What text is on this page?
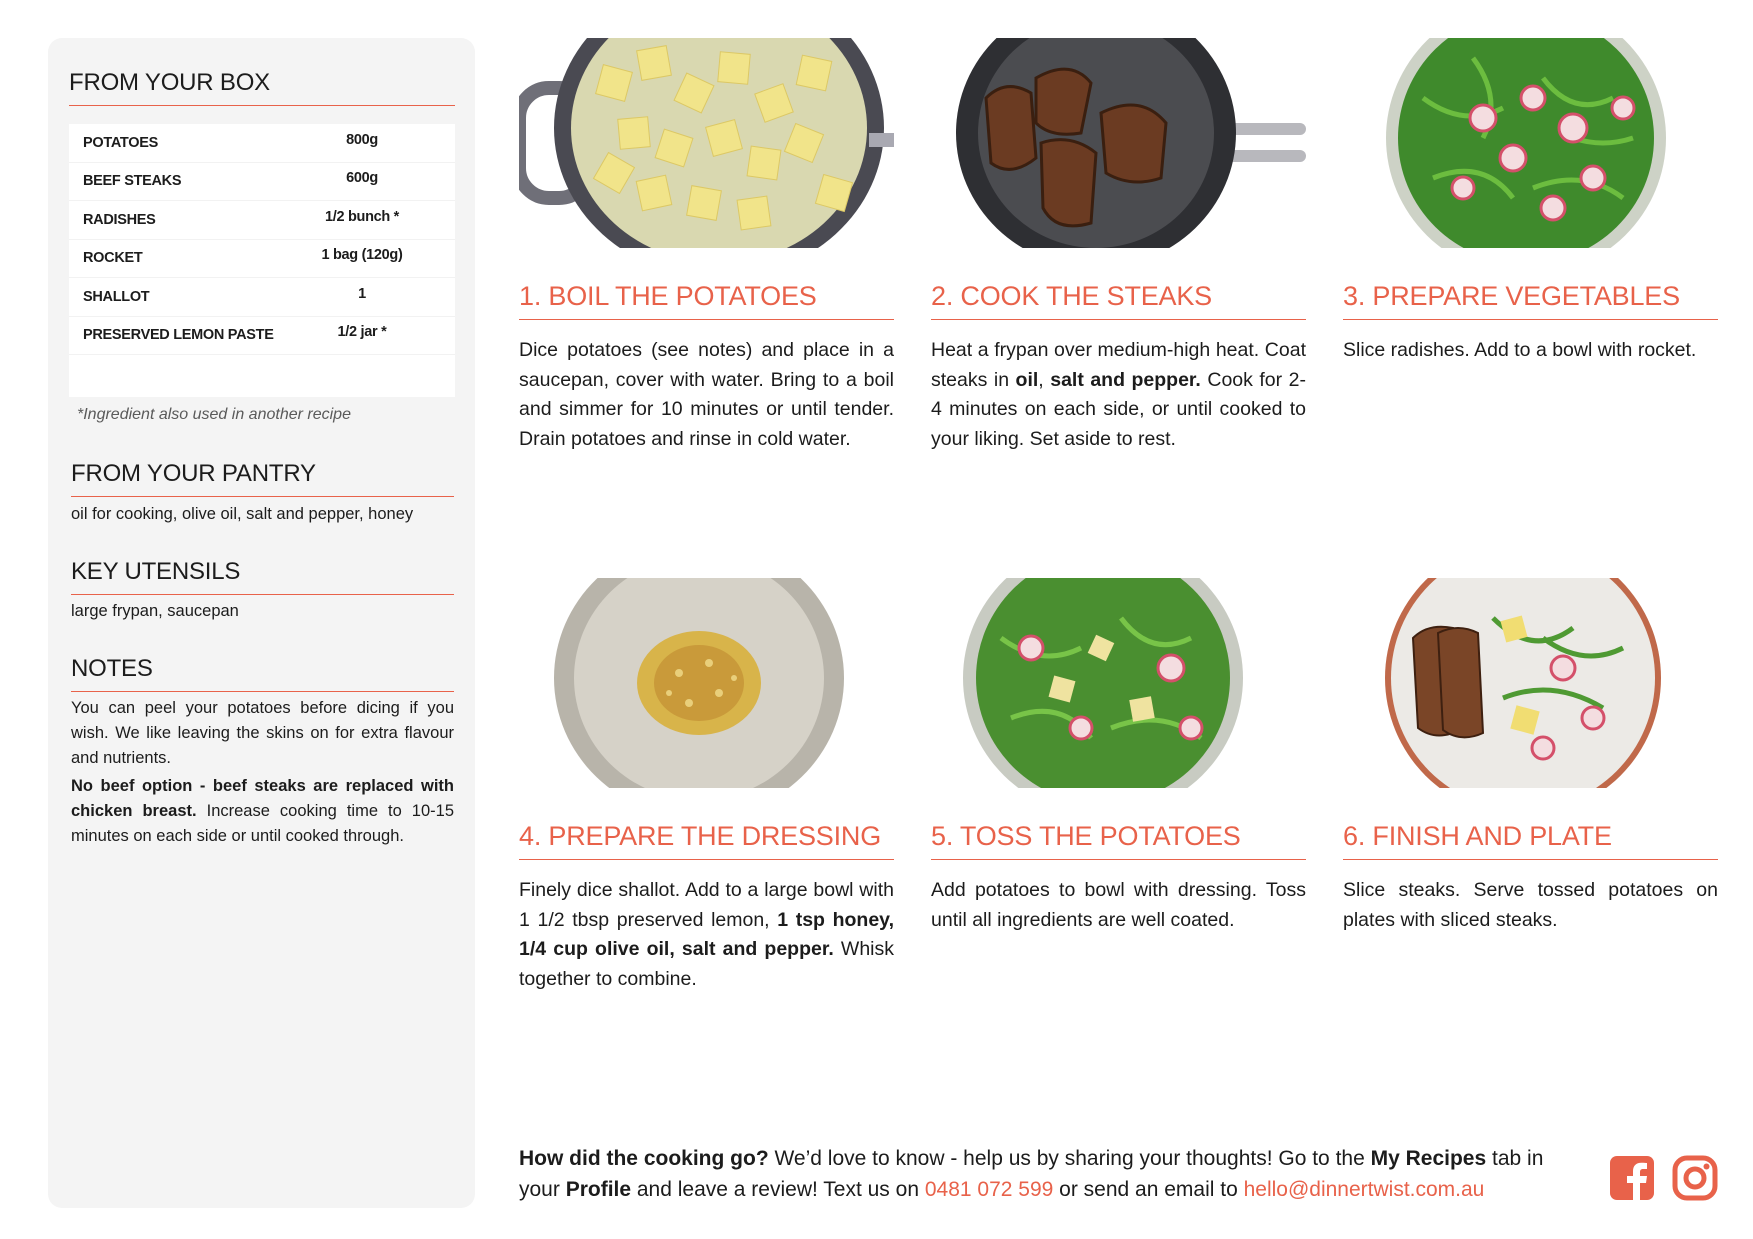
FROM YOUR BOX
POTATOES	800g
BEEF STEAKS	600g
RADISHES	1/2 bunch *
ROCKET	1 bag (120g)
SHALLOT	1
PRESERVED LEMON PASTE	1/2 jar *
*Ingredient also used in another recipe
FROM YOUR PANTRY
oil for cooking, olive oil, salt and pepper, honey
KEY UTENSILS
large frypan, saucepan
NOTES
You can peel your potatoes before dicing if you wish. We like leaving the skins on for extra flavour and nutrients.
No beef option - beef steaks are replaced with chicken breast. Increase cooking time to 10-15 minutes on each side or until cooked through.
1. BOIL THE POTATOES
Dice potatoes (see notes) and place in a saucepan, cover with water. Bring to a boil and simmer for 10 minutes or until tender. Drain potatoes and rinse in cold water.
2. COOK THE STEAKS
Heat a frypan over medium-high heat. Coat steaks in oil, salt and pepper. Cook for 2-4 minutes on each side, or until cooked to your liking. Set aside to rest.
3. PREPARE VEGETABLES
Slice radishes. Add to a bowl with rocket.
4. PREPARE THE DRESSING
Finely dice shallot. Add to a large bowl with 1 1/2 tbsp preserved lemon, 1 tsp honey, 1/4 cup olive oil, salt and pepper. Whisk together to combine.
5. TOSS THE POTATOES
Add potatoes to bowl with dressing. Toss until all ingredients are well coated.
6. FINISH AND PLATE
Slice steaks. Serve tossed potatoes on plates with sliced steaks.
How did the cooking go? We’d love to know - help us by sharing your thoughts! Go to the My Recipes tab in your Profile and leave a review! Text us on 0481 072 599 or send an email to hello@dinnertwist.com.au
